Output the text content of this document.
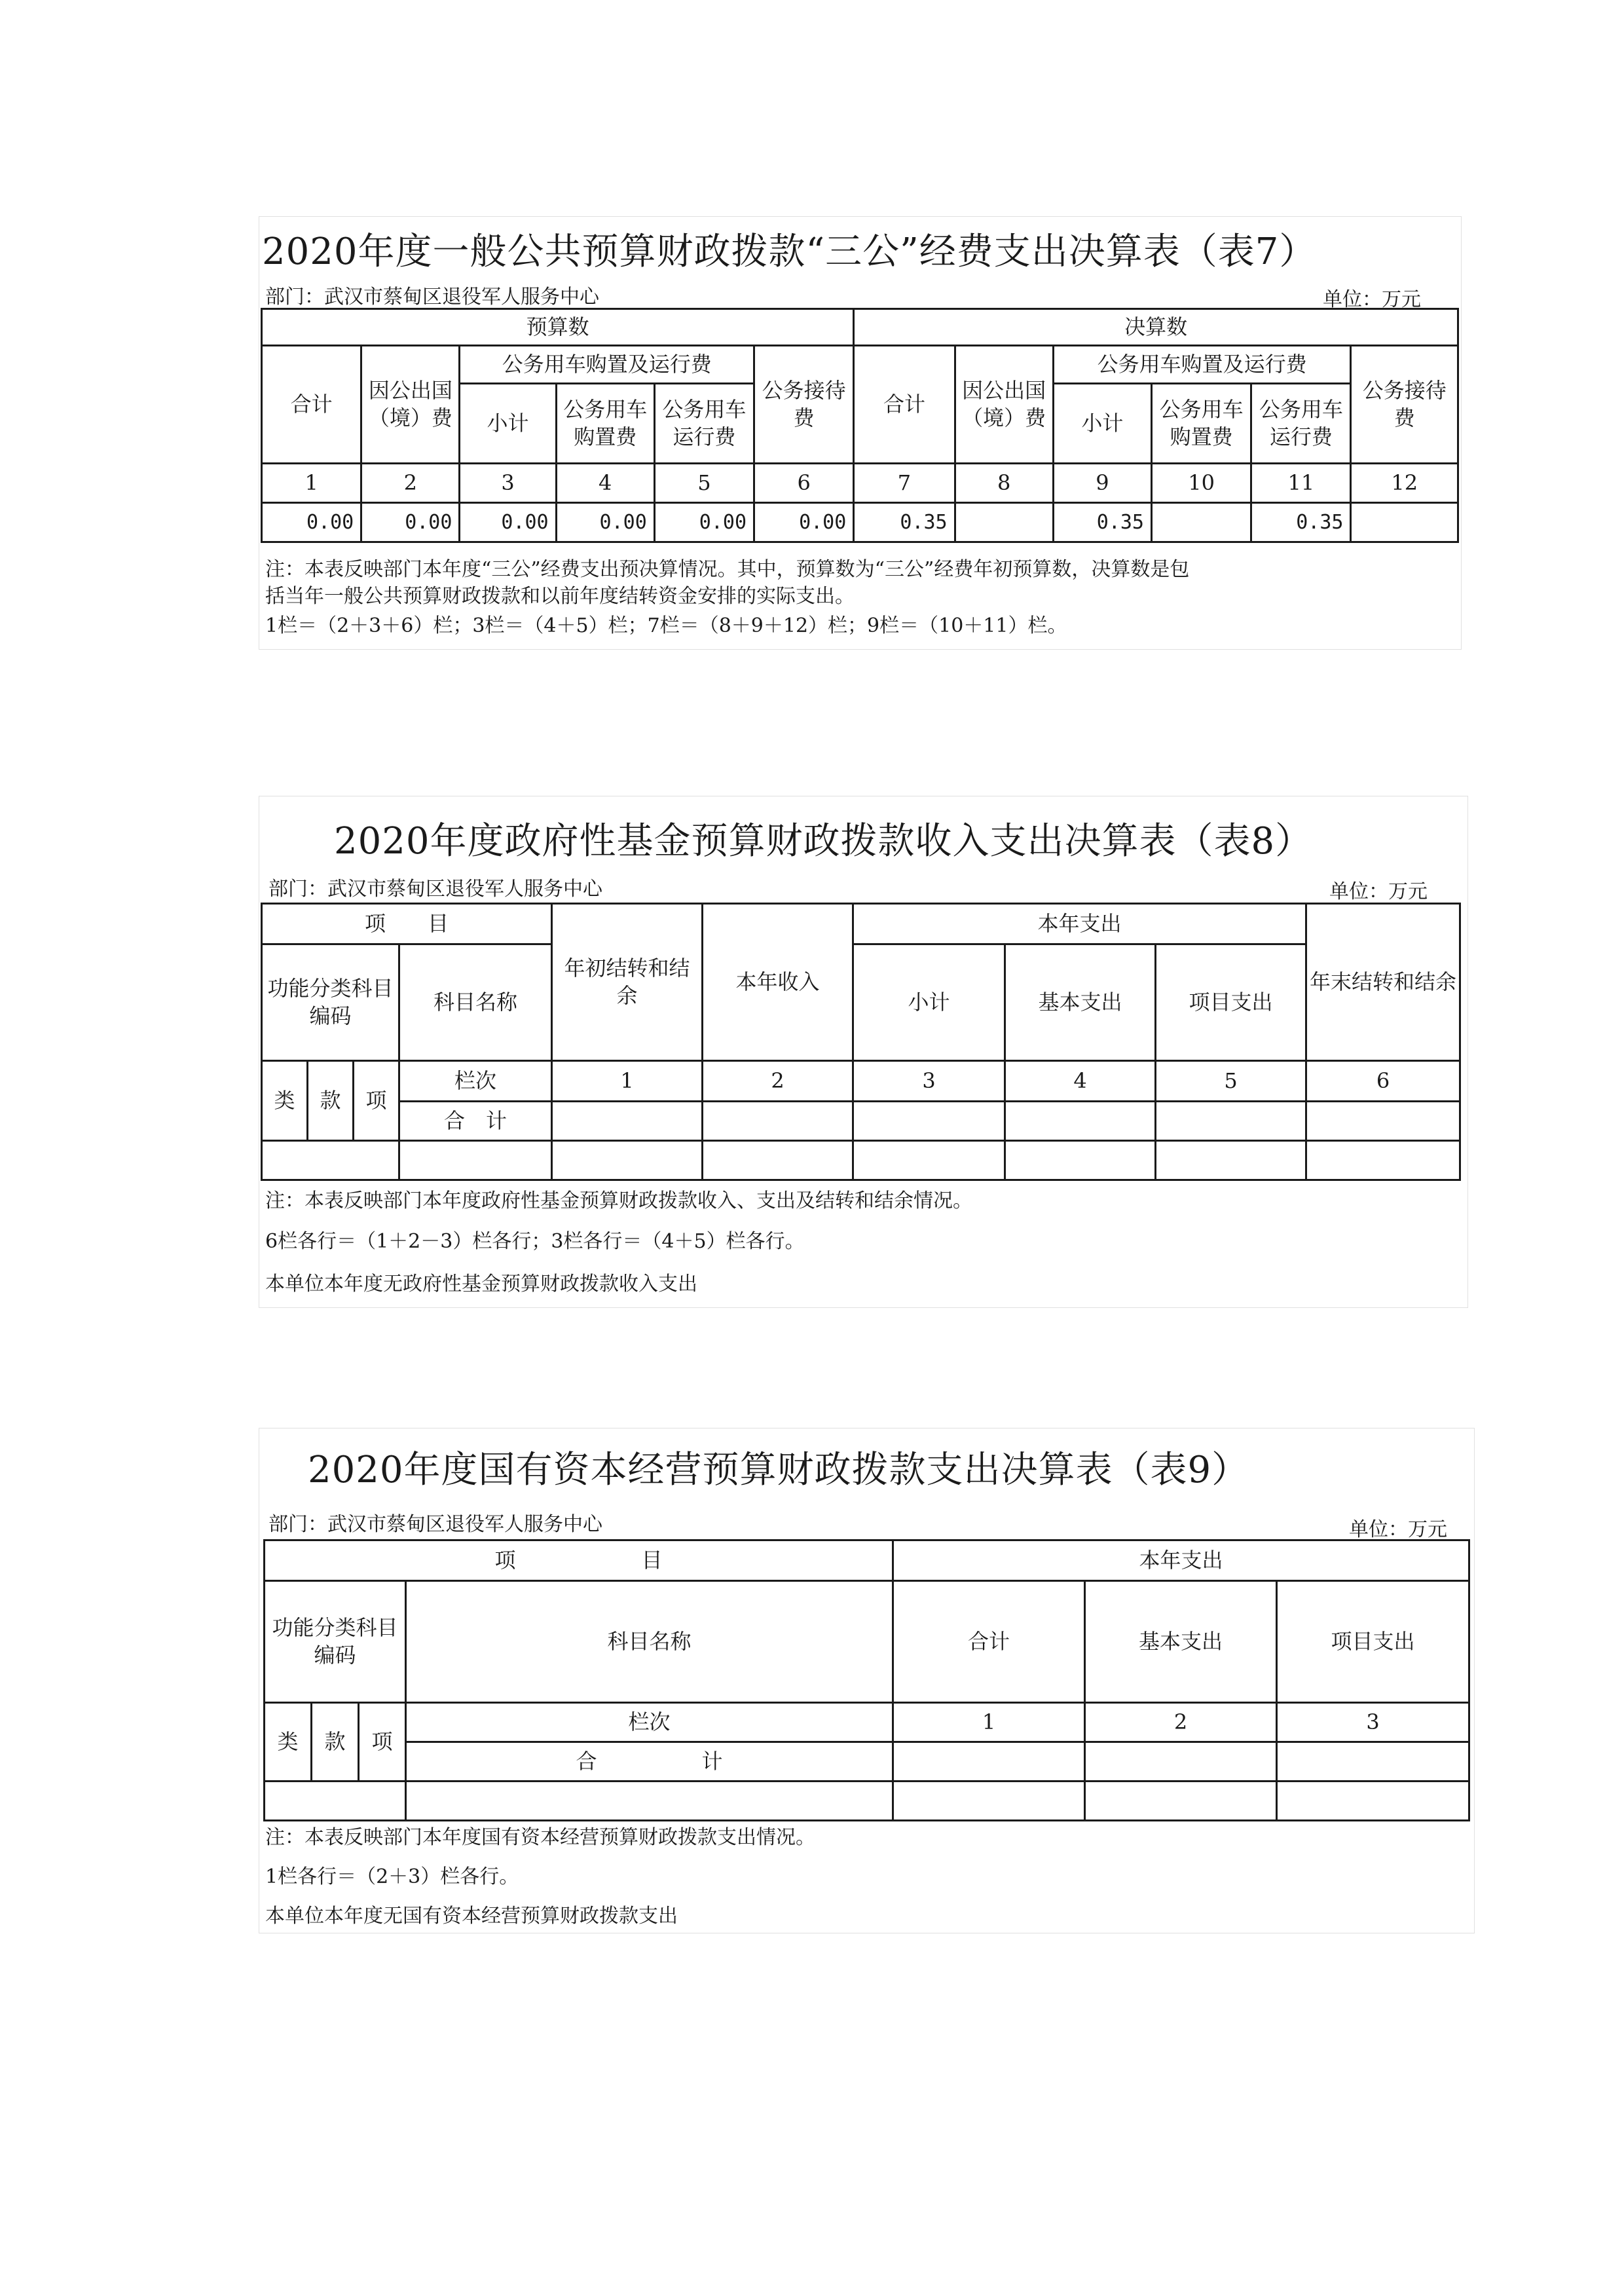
2020年度一般公共预算财政拨款“三公”经费支出决算表（表7）
部门：武汉市蔡甸区退役军人服务中心	单位：万元
预算数						决算数					
合计	因公出国（境）费	公务用车购置及运行费			公务接待费	合计	因公出国（境）费	公务用车购置及运行费			公务接待费
		小计	公务用车购置费	公务用车运行费				小计	公务用车购置费	公务用车运行费	
1	2	3	4	5	6	7	8	9	10	11	12
0.00	0.00	0.00	0.00	0.00	0.00	0.35		0.35		0.35	
注：本表反映部门本年度“三公”经费支出预决算情况。其中，预算数为“三公”经费年初预算数，决算数是包
括当年一般公共预算财政拨款和以前年度结转资金安排的实际支出。
1栏＝（2＋3＋6）栏；3栏＝（4＋5）栏；7栏＝（8＋9＋12）栏；9栏＝（10＋11）栏。
2020年度政府性基金预算财政拨款收入支出决算表（表8）
部门：武汉市蔡甸区退役军人服务中心	单位：万元
项　　目				年初结转和结余	本年收入	本年支出			年末结转和结余
功能分类科目编码			科目名称			小计	基本支出	项目支出	
类	款	项	栏次	1	2	3	4	5	6
			合　计						

注：本表反映部门本年度政府性基金预算财政拨款收入、支出及结转和结余情况。
6栏各行＝（1＋2－3）栏各行；3栏各行＝（4＋5）栏各行。
本单位本年度无政府性基金预算财政拨款收入支出
2020年度国有资本经营预算财政拨款支出决算表（表9）
部门：武汉市蔡甸区退役军人服务中心	单位：万元
项　　　　　　目				本年支出		
功能分类科目编码			科目名称	合计	基本支出	项目支出
类	款	项	栏次	1	2	3
			合　　　　　计			

注：本表反映部门本年度国有资本经营预算财政拨款支出情况。
1栏各行＝（2＋3）栏各行。
本单位本年度无国有资本经营预算财政拨款支出
